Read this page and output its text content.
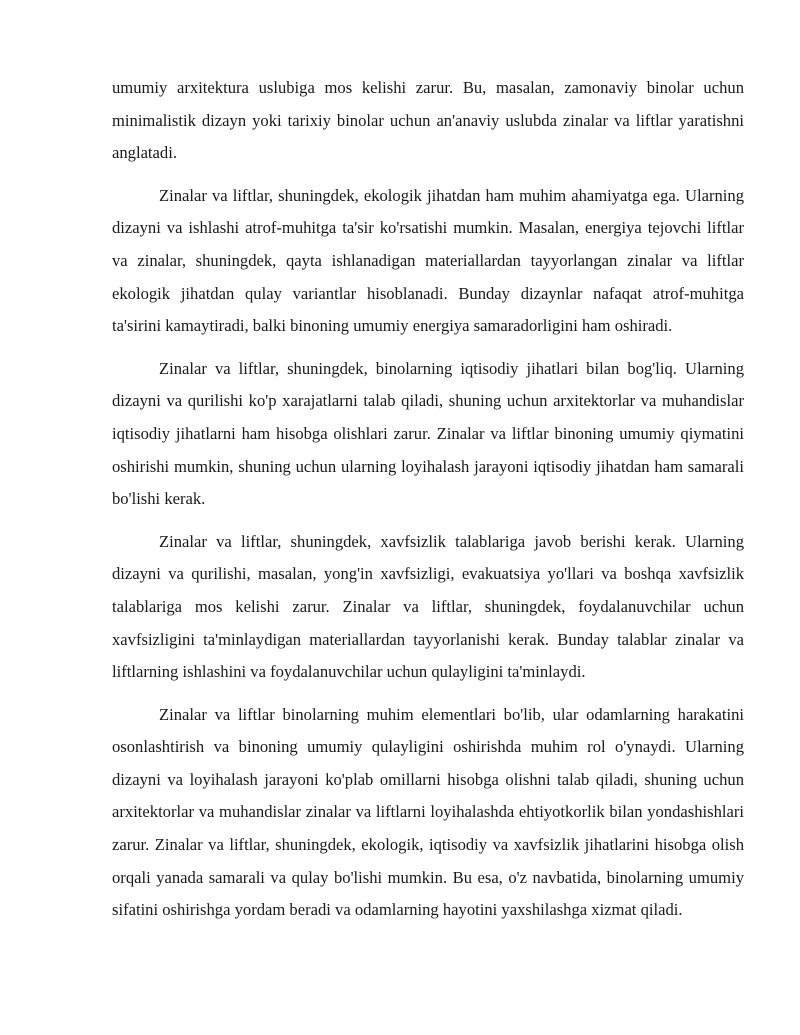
umumiy arxitektura uslubiga mos kelishi zarur. Bu, masalan, zamonaviy binolar uchun minimalistik dizayn yoki tarixiy binolar uchun an'anaviy uslubda zinalar va liftlar yaratishni anglatadi.

Zinalar va liftlar, shuningdek, ekologik jihatdan ham muhim ahamiyatga ega. Ularning dizayni va ishlashi atrof-muhitga ta'sir ko'rsatishi mumkin. Masalan, energiya tejovchi liftlar va zinalar, shuningdek, qayta ishlanadigan materiallardan tayyorlangan zinalar va liftlar ekologik jihatdan qulay variantlar hisoblanadi. Bunday dizaynlar nafaqat atrof-muhitga ta'sirini kamaytiradi, balki binoning umumiy energiya samaradorligini ham oshiradi.

Zinalar va liftlar, shuningdek, binolarning iqtisodiy jihatlari bilan bog'liq. Ularning dizayni va qurilishi ko'p xarajatlarni talab qiladi, shuning uchun arxitektorlar va muhandislar iqtisodiy jihatlarni ham hisobga olishlari zarur. Zinalar va liftlar binoning umumiy qiymatini oshirishi mumkin, shuning uchun ularning loyihalash jarayoni iqtisodiy jihatdan ham samarali bo'lishi kerak.

Zinalar va liftlar, shuningdek, xavfsizlik talablariga javob berishi kerak. Ularning dizayni va qurilishi, masalan, yong'in xavfsizligi, evakuatsiya yo'llari va boshqa xavfsizlik talablariga mos kelishi zarur. Zinalar va liftlar, shuningdek, foydalanuvchilar uchun xavfsizligini ta'minlaydigan materiallardan tayyorlanishi kerak. Bunday talablar zinalar va liftlarning ishlashini va foydalanuvchilar uchun qulayligini ta'minlaydi.

Zinalar va liftlar binolarning muhim elementlari bo'lib, ular odamlarning harakatini osonlashtirish va binoning umumiy qulayligini oshirishda muhim rol o'ynaydi. Ularning dizayni va loyihalash jarayoni ko'plab omillarni hisobga olishni talab qiladi, shuning uchun arxitektorlar va muhandislar zinalar va liftlarni loyihalashda ehtiyotkorlik bilan yondashishlari zarur. Zinalar va liftlar, shuningdek, ekologik, iqtisodiy va xavfsizlik jihatlarini hisobga olish orqali yanada samarali va qulay bo'lishi mumkin. Bu esa, o'z navbatida, binolarning umumiy sifatini oshirishga yordam beradi va odamlarning hayotini yaxshilashga xizmat qiladi.
